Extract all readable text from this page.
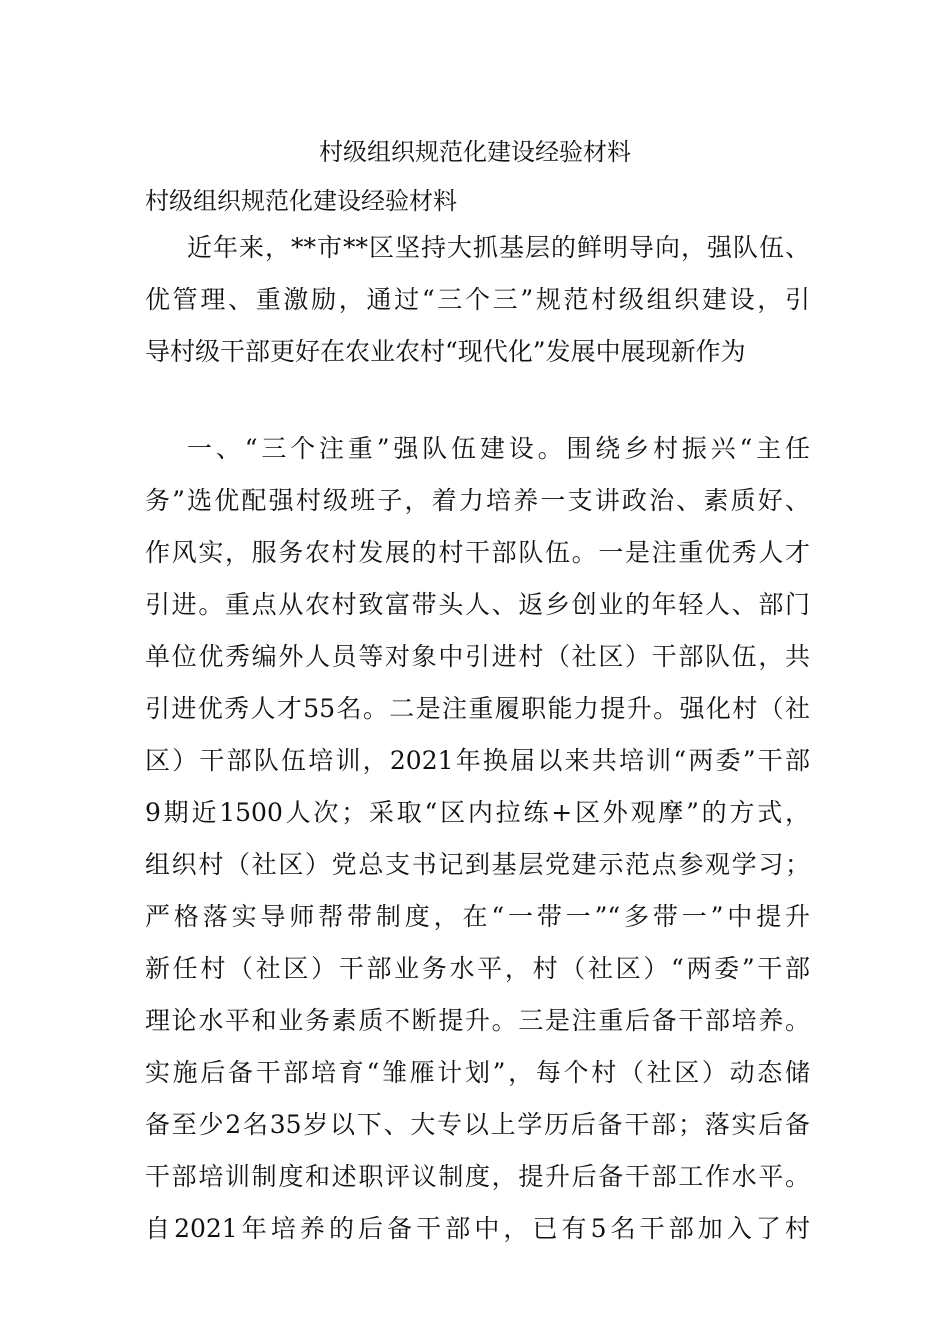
村级组织规范化建设经验材料
村级组织规范化建设经验材料
近年来，**市**区坚持大抓基层的鲜明导向，强队伍、
优管理、重激励，通过“三个三”规范村级组织建设，引
导村级干部更好在农业农村“现代化”发展中展现新作为
一、“三个注重”强队伍建设。围绕乡村振兴“主任
务”选优配强村级班子，着力培养一支讲政治、素质好、
作风实，服务农村发展的村干部队伍。一是注重优秀人才
引进。重点从农村致富带头人、返乡创业的年轻人、部门
单位优秀编外人员等对象中引进村（社区）干部队伍，共
引进优秀人才55名。二是注重履职能力提升。强化村（社
区）干部队伍培训，2021年换届以来共培训“两委”干部
9期近1500人次；采取“区内拉练+区外观摩”的方式，
组织村（社区）党总支书记到基层党建示范点参观学习；
严格落实导师帮带制度，在“一带一”“多带一”中提升
新任村（社区）干部业务水平，村（社区）“两委”干部
理论水平和业务素质不断提升。三是注重后备干部培养。
实施后备干部培育“雏雁计划”，每个村（社区）动态储
备至少2名35岁以下、大专以上学历后备干部；落实后备
干部培训制度和述职评议制度，提升后备干部工作水平。
自2021年培养的后备干部中，已有5名干部加入了村
